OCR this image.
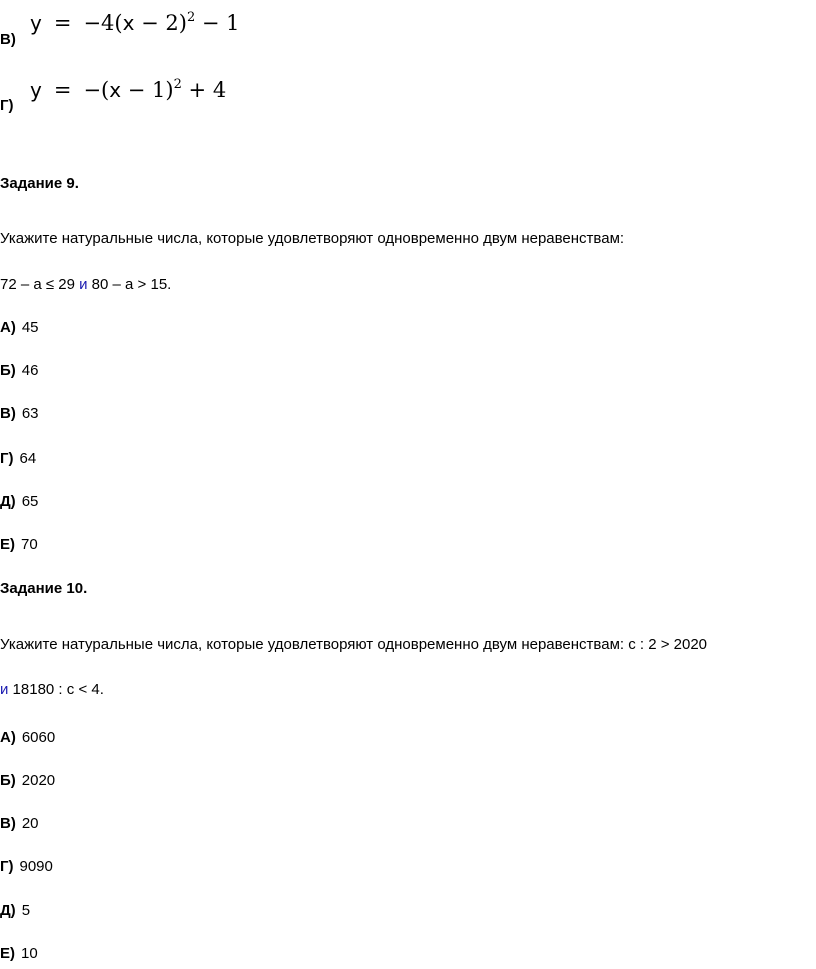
В)
$y = -4(x - 2)^2 - 1$
Г)
$y = -(x - 1)^2 + 4$
Задание 9.
Укажите натуральные числа, которые удовлетворяют одновременно двум неравенствам:
72 – a ≤ 29 и 80 – a > 15.
А) 45
Б) 46
В) 63
Г) 64
Д) 65
Е) 70
Задание 10.
Укажите натуральные числа, которые удовлетворяют одновременно двум неравенствам: c : 2 > 2020
и 18180 : c < 4.
А) 6060
Б) 2020
В) 20
Г) 9090
Д) 5
Е) 10
